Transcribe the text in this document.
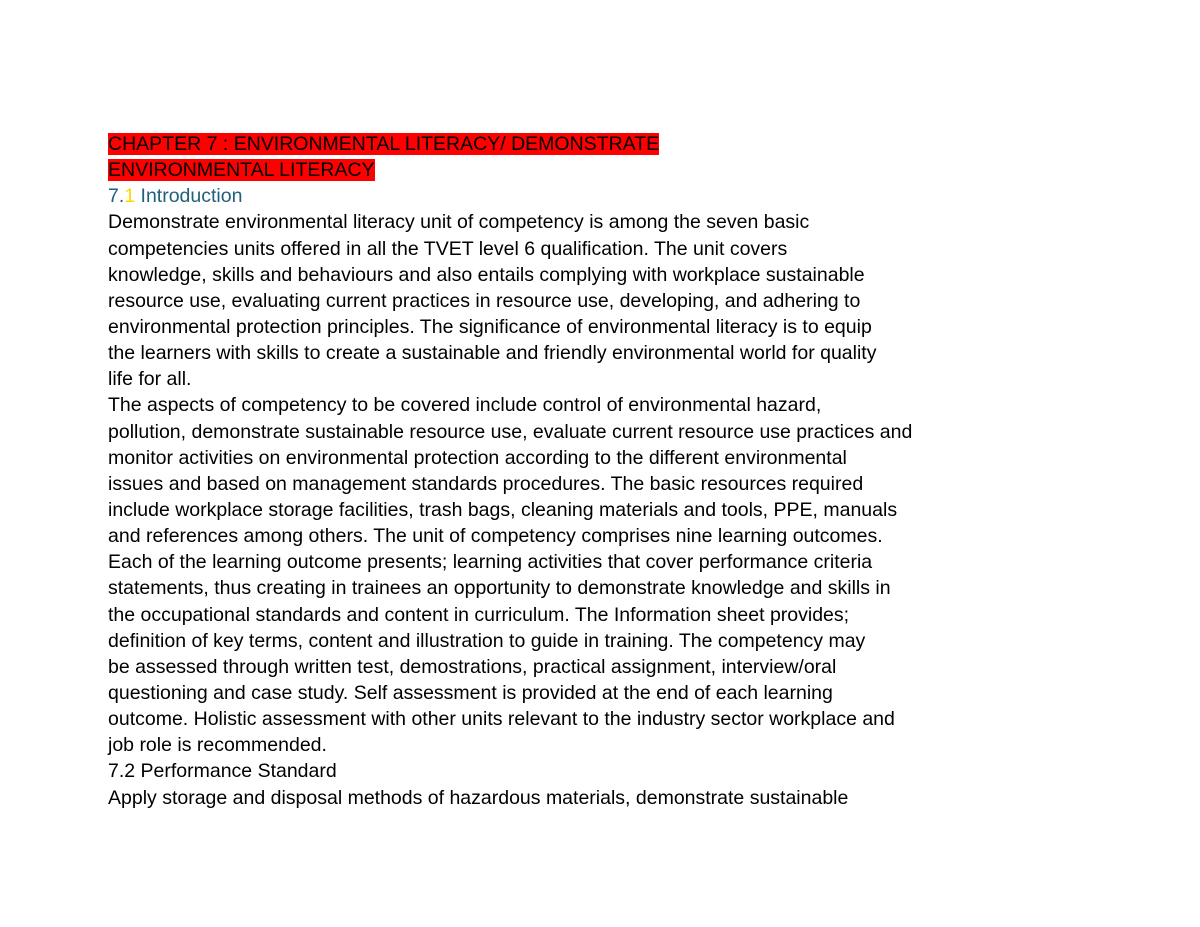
CHAPTER 7 : ENVIRONMENTAL LITERACY/ DEMONSTRATE
ENVIRONMENTAL LITERACY
7.1 Introduction
Demonstrate environmental literacy unit of competency is among the seven basic
competencies units offered in all the TVET level 6 qualification. The unit covers
knowledge, skills and behaviours and also entails complying with workplace sustainable
resource use, evaluating current practices in resource use, developing, and adhering to
environmental protection principles. The significance of environmental literacy is to equip
the learners with skills to create a sustainable and friendly environmental world for quality
life for all.
The aspects of competency to be covered include control of environmental hazard,
pollution, demonstrate sustainable resource use, evaluate current resource use practices and
monitor activities on environmental protection according to the different environmental
issues and based on management standards procedures. The basic resources required
include workplace storage facilities, trash bags, cleaning materials and tools, PPE, manuals
and references among others. The unit of competency comprises nine learning outcomes.
Each of the learning outcome presents; learning activities that cover performance criteria
statements, thus creating in trainees an opportunity to demonstrate knowledge and skills in
the occupational standards and content in curriculum. The Information sheet provides;
definition of key terms, content and illustration to guide in training. The competency may
be assessed through written test, demostrations, practical assignment, interview/oral
questioning and case study. Self assessment is provided at the end of each learning
outcome. Holistic assessment with other units relevant to the industry sector workplace and
job role is recommended.
7.2 Performance Standard
Apply storage and disposal methods of hazardous materials, demonstrate sustainable
